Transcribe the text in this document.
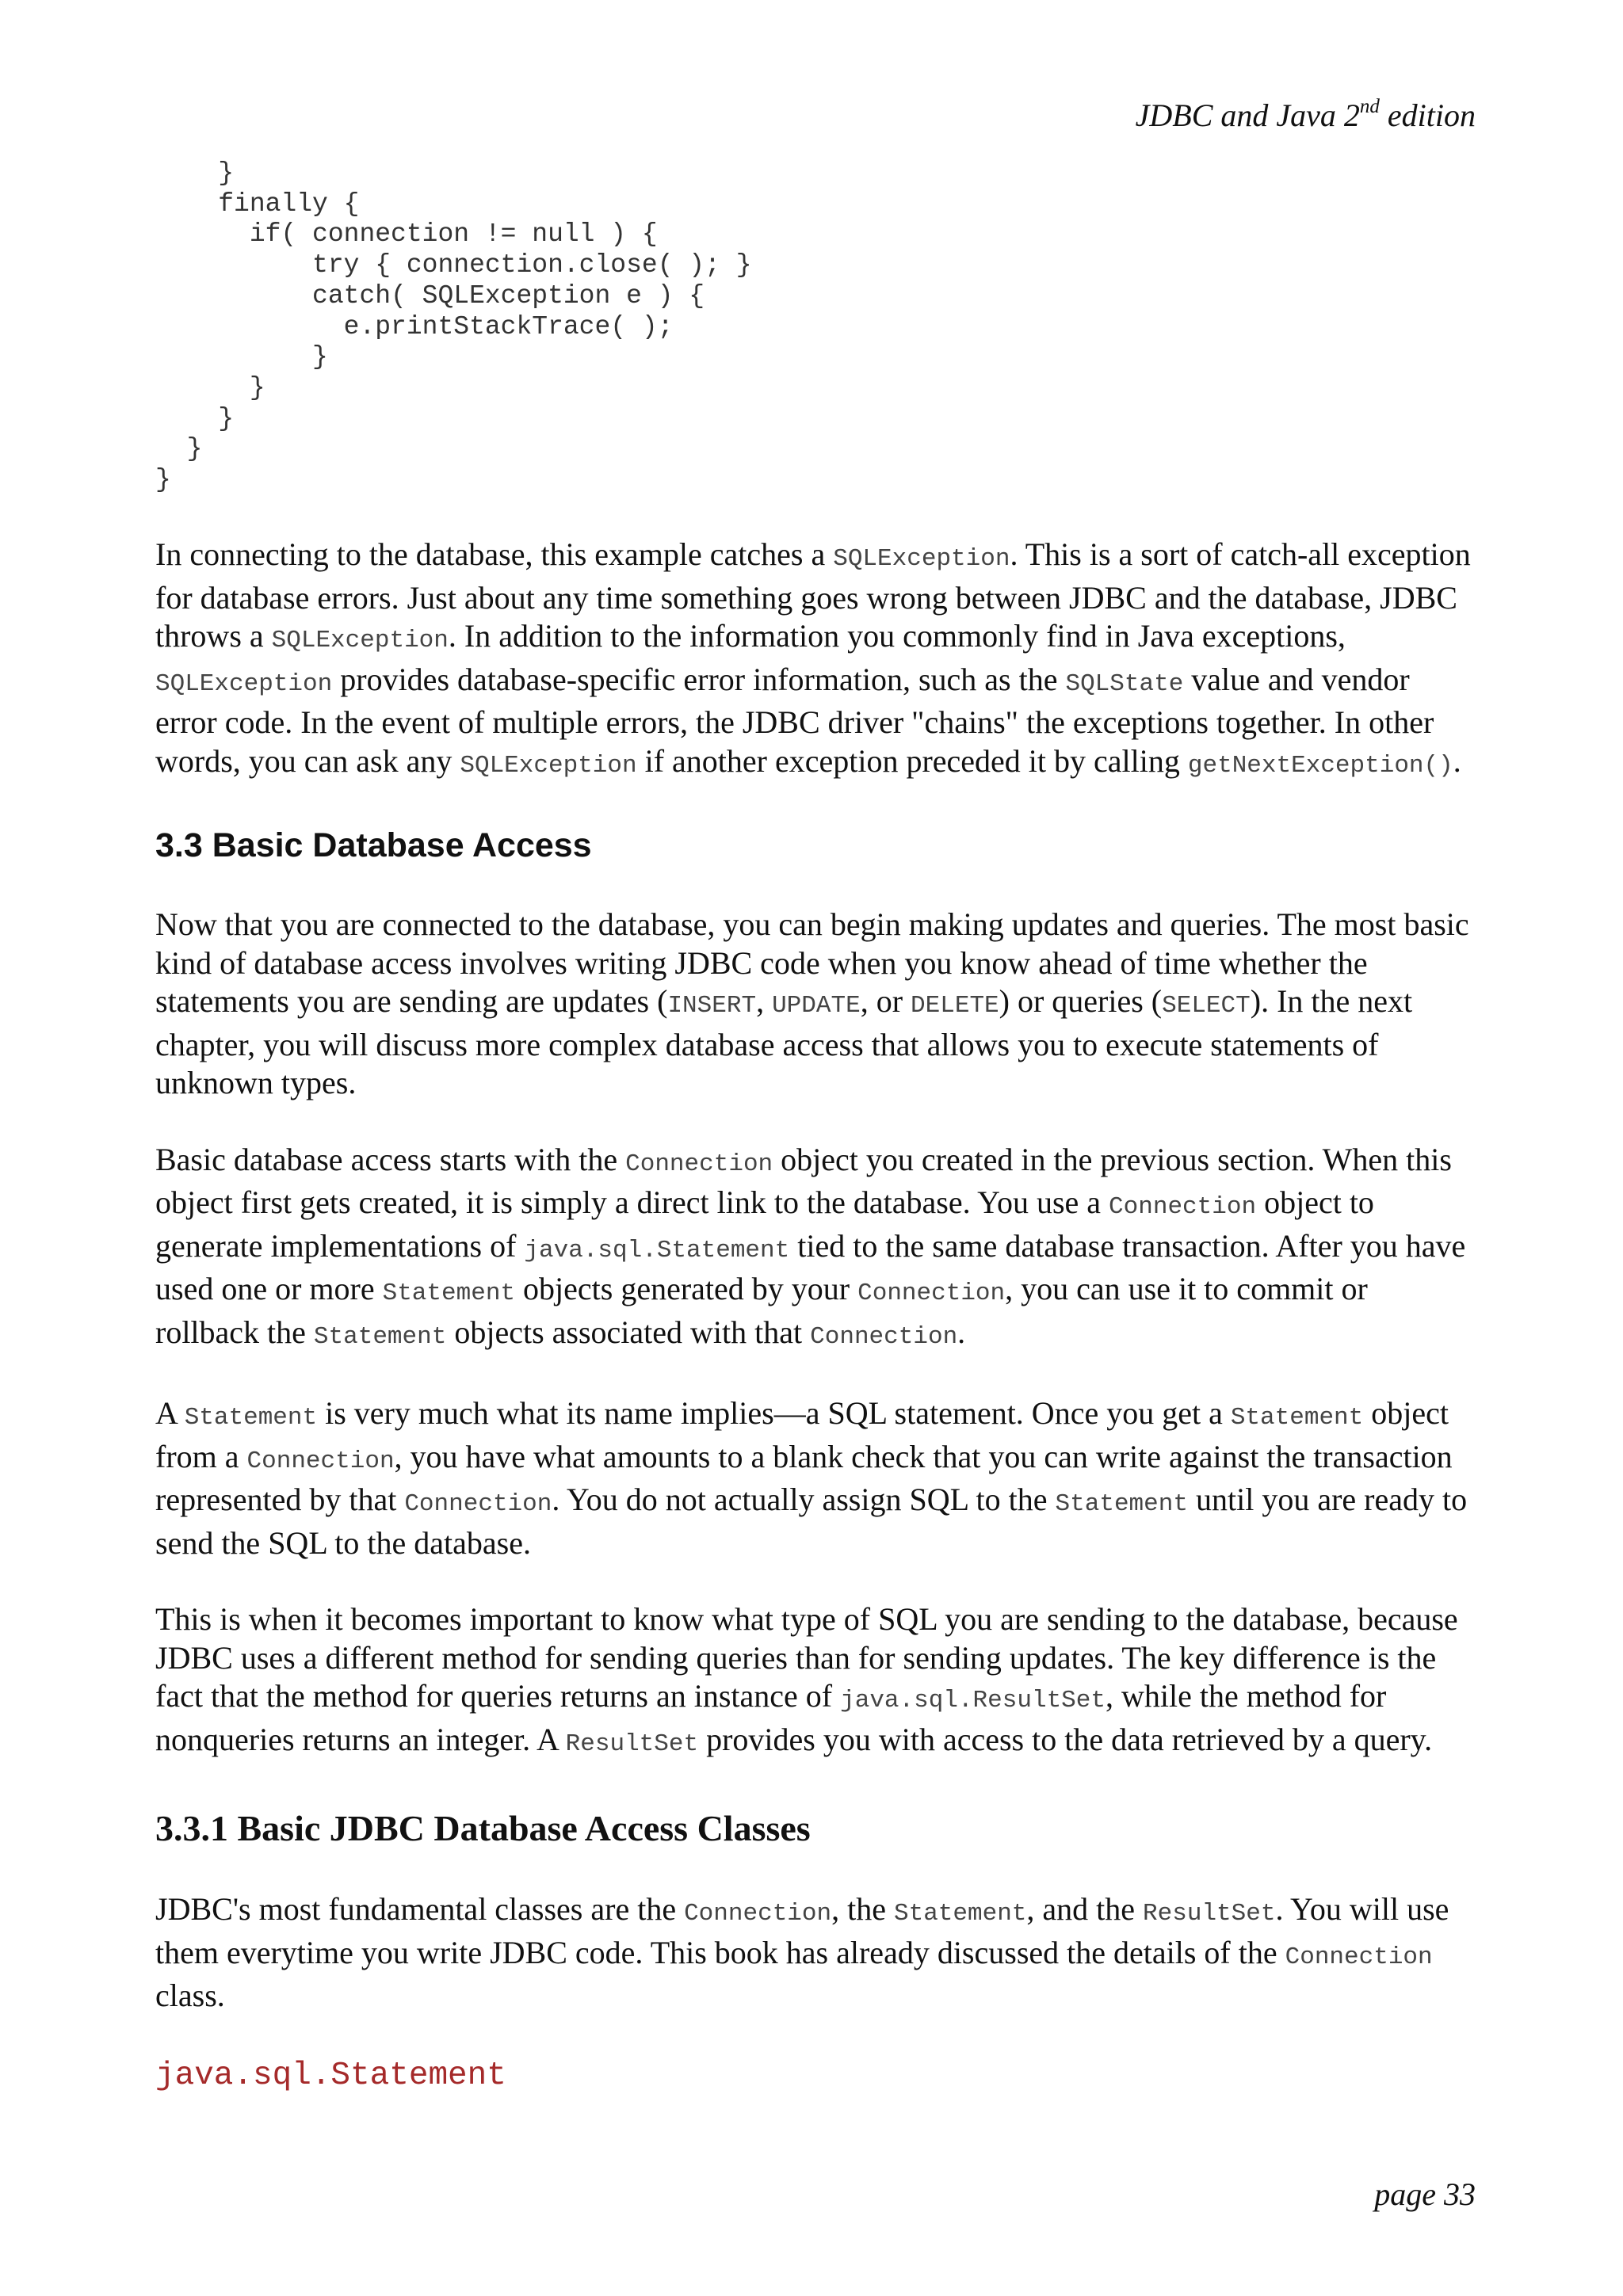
JDBC and Java 2nd edition
}
finally {
if( connection != null ) {
try { connection.close( ); }
catch( SQLException e ) {
e.printStackTrace( );
}
}
}
}
}

In connecting to the database, this example catches a SQLException. This is a sort of catch-all exception for database errors. Just about any time something goes wrong between JDBC and the database, JDBC throws a SQLException. In addition to the information you commonly find in Java exceptions, SQLException provides database-specific error information, such as the SQLState value and vendor error code. In the event of multiple errors, the JDBC driver "chains" the exceptions together. In other words, you can ask any SQLException if another exception preceded it by calling getNextException().

3.3 Basic Database Access

Now that you are connected to the database, you can begin making updates and queries. The most basic kind of database access involves writing JDBC code when you know ahead of time whether the statements you are sending are updates (INSERT, UPDATE, or DELETE) or queries (SELECT). In the next chapter, you will discuss more complex database access that allows you to execute statements of unknown types.

Basic database access starts with the Connection object you created in the previous section. When this object first gets created, it is simply a direct link to the database. You use a Connection object to generate implementations of java.sql.Statement tied to the same database transaction. After you have used one or more Statement objects generated by your Connection, you can use it to commit or rollback the Statement objects associated with that Connection.

A Statement is very much what its name implies—a SQL statement. Once you get a Statement object from a Connection, you have what amounts to a blank check that you can write against the transaction represented by that Connection. You do not actually assign SQL to the Statement until you are ready to send the SQL to the database.

This is when it becomes important to know what type of SQL you are sending to the database, because JDBC uses a different method for sending queries than for sending updates. The key difference is the fact that the method for queries returns an instance of java.sql.ResultSet, while the method for nonqueries returns an integer. A ResultSet provides you with access to the data retrieved by a query.

3.3.1 Basic JDBC Database Access Classes

JDBC's most fundamental classes are the Connection, the Statement, and the ResultSet. You will use them everytime you write JDBC code. This book has already discussed the details of the Connection class.

java.sql.Statement
page 33
